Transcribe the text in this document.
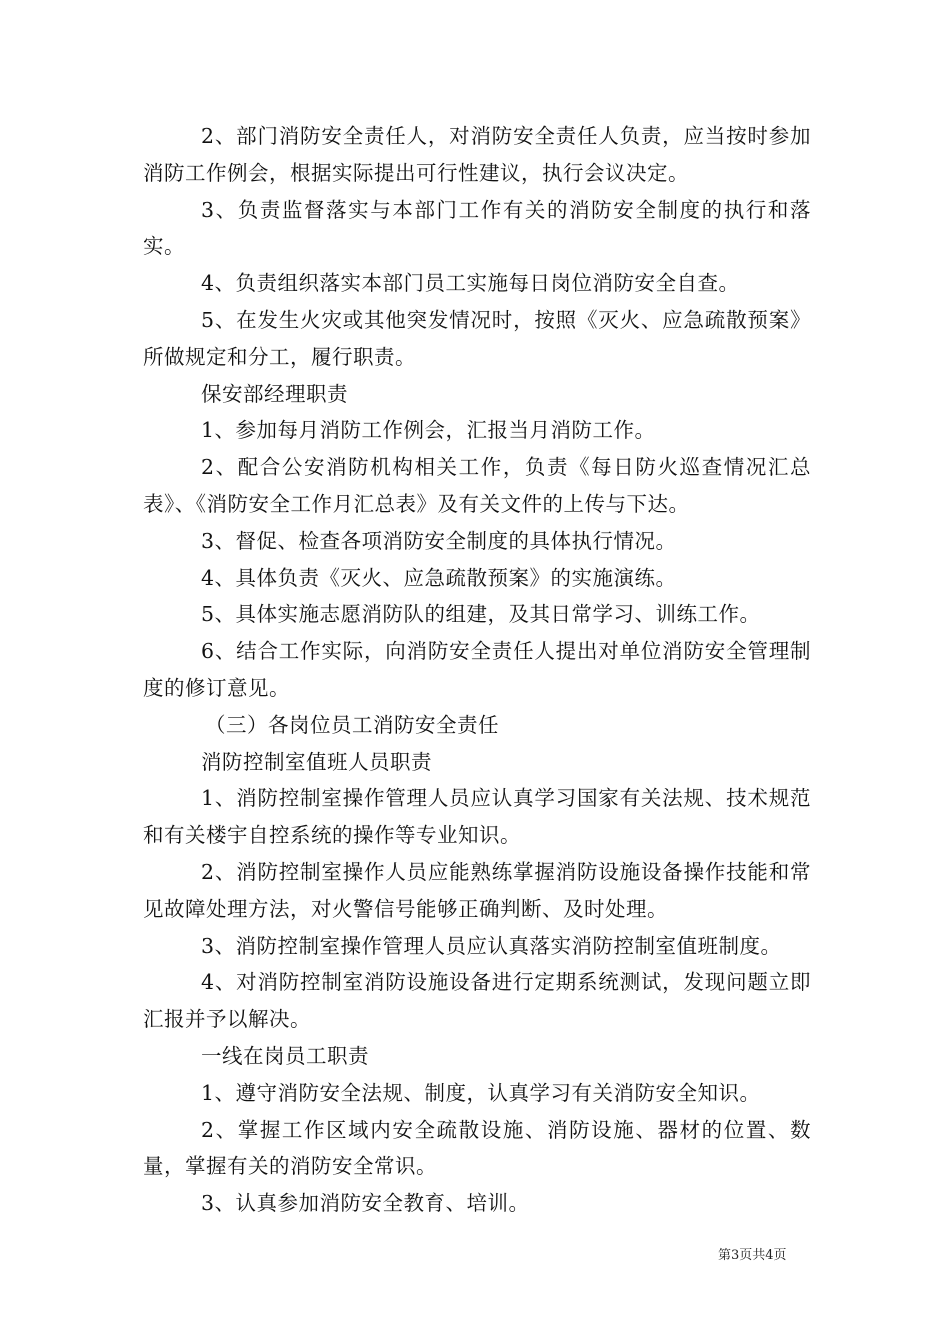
2、部门消防安全责任人，对消防安全责任人负责，应当按时参加消防工作例会，根据实际提出可行性建议，执行会议决定。

3、负责监督落实与本部门工作有关的消防安全制度的执行和落实。

4、负责组织落实本部门员工实施每日岗位消防安全自查。

5、在发生火灾或其他突发情况时，按照《灭火、应急疏散预案》所做规定和分工，履行职责。

保安部经理职责

1、参加每月消防工作例会，汇报当月消防工作。

2、配合公安消防机构相关工作，负责《每日防火巡查情况汇总表》、《消防安全工作月汇总表》及有关文件的上传与下达。

3、督促、检查各项消防安全制度的具体执行情况。

4、具体负责《灭火、应急疏散预案》的实施演练。

5、具体实施志愿消防队的组建，及其日常学习、训练工作。

6、结合工作实际，向消防安全责任人提出对单位消防安全管理制度的修订意见。

（三）各岗位员工消防安全责任

消防控制室值班人员职责

1、消防控制室操作管理人员应认真学习国家有关法规、技术规范和有关楼宇自控系统的操作等专业知识。

2、消防控制室操作人员应能熟练掌握消防设施设备操作技能和常见故障处理方法，对火警信号能够正确判断、及时处理。

3、消防控制室操作管理人员应认真落实消防控制室值班制度。

4、对消防控制室消防设施设备进行定期系统测试，发现问题立即汇报并予以解决。

一线在岗员工职责

1、遵守消防安全法规、制度，认真学习有关消防安全知识。

2、掌握工作区域内安全疏散设施、消防设施、器材的位置、数量，掌握有关的消防安全常识。

3、认真参加消防安全教育、培训。

第3页共4页
